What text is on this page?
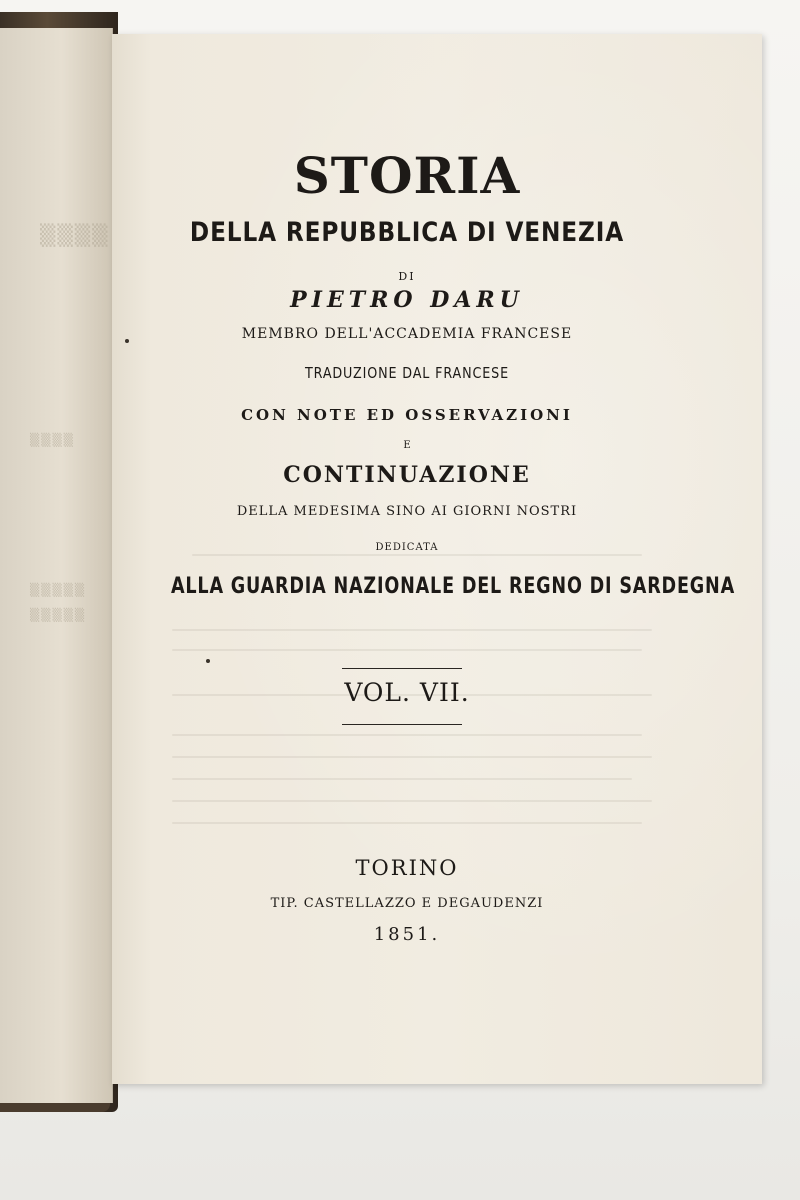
▒▒▒▒
▒▒▒▒
▒▒▒▒▒
▒▒▒▒▒
STORIA
DELLA REPUBBLICA DI VENEZIA
DI
PIETRO DARU
MEMBRO DELL'ACCADEMIA FRANCESE
TRADUZIONE DAL FRANCESE
CON NOTE ED OSSERVAZIONI
E
CONTINUAZIONE
DELLA MEDESIMA SINO AI GIORNI NOSTRI
DEDICATA
ALLA GUARDIA NAZIONALE DEL REGNO DI SARDEGNA
VOL. VII.
TORINO
TIP. CASTELLAZZO E DEGAUDENZI
1851.
